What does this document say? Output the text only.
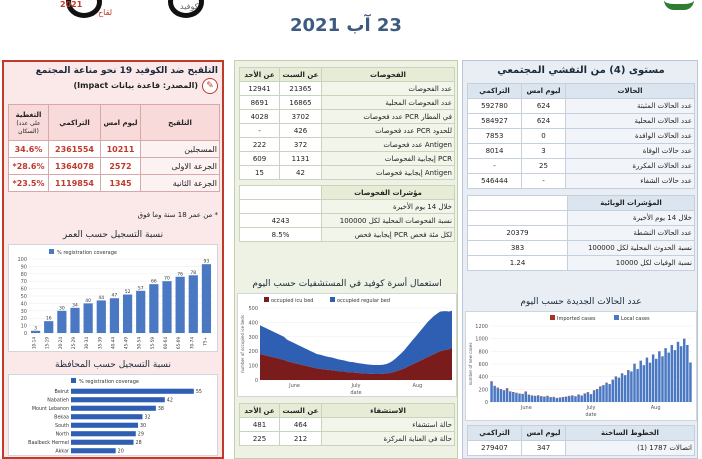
2021
لقاح
كوفيد
23 آب 2021
مستوى (4) من التفشي المجتمعي
التراكمي	ليوم امس	الحالات
592780	624	عدد الحالات المثبتة
584927	624	عدد الحالات المحلية
7853	0	عدد الحالات الوافدة
8014	3	عدد حالات الوفاة
-	25	عدد الحالات المكررة
546444	-	عدد حالات الشفاء
	المؤشرات الوبائية
	خلال 14 يوم الأخيرة
20379	عدد الحالات النشطة
383	نسبة الحدوث المحلية لكل 100000
1.24	نسبة الوفيات لكل 10000
عدد الحالات الجديدة حسب اليوم
0
200
400
600
800
1000
1200
number of new cases
June	July	Aug
date
Imported cases	Local cases
التراكمي	ليوم امس	الخطوط الساخنة
279407	347	اتصالات 1787 (1)
عن الأحد	عن السبت	الفحوصات
12941	21365	عدد الفحوصات
8691	16865	عدد الفحوصات المحلية
4028	3702	عدد فحوصات PCR في المطار
-	426	عدد فحوصات PCR للحدود
222	372	عدد فحوصات Antigen
609	1131	إيجابية الفحوصات PCR
15	42	إيجابية فحوصات Antigen
	مؤشرات الفحوصات
	خلال 14 يوم الأخيرة
4243	نسبة الفحوصات المحلية لكل 100000
8.5%	إيجابية فحص PCR لكل مئة فحص
استعمال أسرة كوفيد في المستشفيات حسب اليوم
0
100
200
300
400
500
number of occupied ice beds
June	July	Aug
date
occupied icu bed	occupied regular bed
عن الأحد	عن السبت	الاستشفاء
481	464	حالة استشفاء
225	212	حالة في العناية المركزة
التلقيح ضد الكوفيد 19 نحو مناعة المجتمع
(المصدر: قاعدة بيانات Impact) ✎
التغطية
(على عدد السكان)	التراكمي	ليوم امس	التلقيح
34.6%	2361554	10211	المسجلين
*28.6%	1364078	2572	الجرعة الاولى
*23.5%	1119854	1345	الجرعة الثانية
* من عمر 18 سنة وما فوق
نسبة التسجيل حسب العمر
0
10
20
30
40
50
60
70
80
90
100
% registration coverage
3
10-14
16
15-19
30
20-24
34
25-29
40
30-34
44
35-39
47
40-44
52
45-49
57
50-54
66
55-59
70
60-64
76
65-69
78
70-74
93
75+
نسبة التسجيل حسب المحافظة
% registration coverage
Beirut	55
Nabatieh	42
Mount Lebanon	38
Bekaa	32
South	30
North	29
Baalbeck Hermel	28
Akkar	20
